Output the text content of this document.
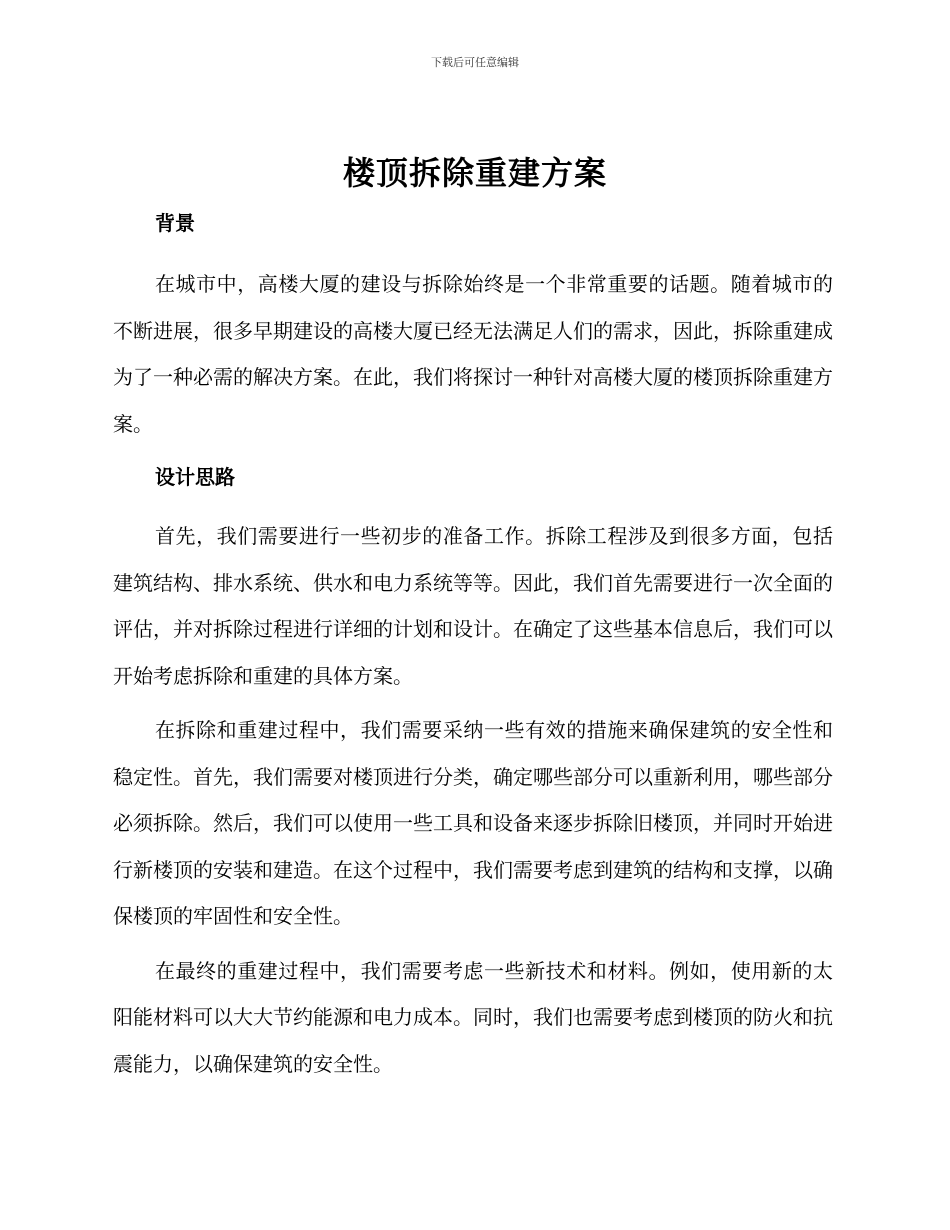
下载后可任意编辑
楼顶拆除重建方案
背景

在城市中，高楼大厦的建设与拆除始终是一个非常重要的话题。随着城市的不断进展，很多早期建设的高楼大厦已经无法满足人们的需求，因此，拆除重建成为了一种必需的解决方案。在此，我们将探讨一种针对高楼大厦的楼顶拆除重建方案。

设计思路

首先，我们需要进行一些初步的准备工作。拆除工程涉及到很多方面，包括建筑结构、排水系统、供水和电力系统等等。因此，我们首先需要进行一次全面的评估，并对拆除过程进行详细的计划和设计。在确定了这些基本信息后，我们可以开始考虑拆除和重建的具体方案。

在拆除和重建过程中，我们需要采纳一些有效的措施来确保建筑的安全性和稳定性。首先，我们需要对楼顶进行分类，确定哪些部分可以重新利用，哪些部分必须拆除。然后，我们可以使用一些工具和设备来逐步拆除旧楼顶，并同时开始进行新楼顶的安装和建造。在这个过程中，我们需要考虑到建筑的结构和支撑，以确保楼顶的牢固性和安全性。

在最终的重建过程中，我们需要考虑一些新技术和材料。例如，使用新的太阳能材料可以大大节约能源和电力成本。同时，我们也需要考虑到楼顶的防火和抗震能力，以确保建筑的安全性。
